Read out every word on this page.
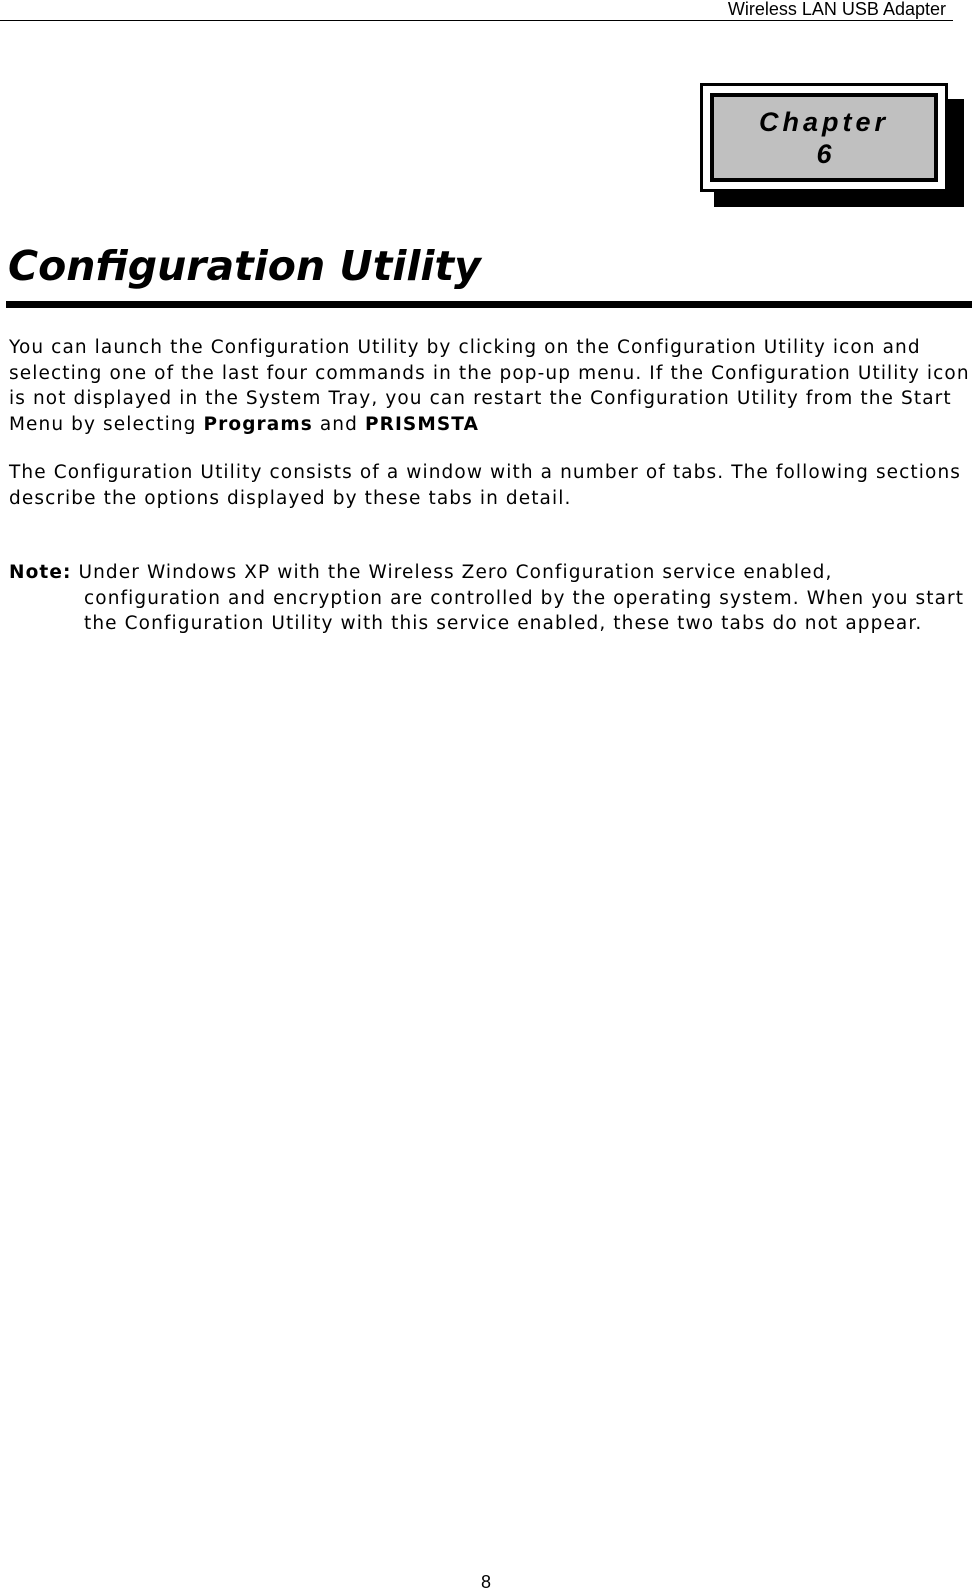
Wireless LAN USB Adapter
Chapter
6
Configuration Utility

You can launch the Configuration Utility by clicking on the Configuration Utility icon and selecting one of the last four commands in the pop-up menu. If the Configuration Utility icon is not displayed in the System Tray, you can restart the Configuration Utility from the Start Menu by selecting Programs and PRISMSTA

The Configuration Utility consists of a window with a number of tabs. The following sections describe the options displayed by these tabs in detail.

Note: Under Windows XP with the Wireless Zero Configuration service enabled,
configuration and encryption are controlled by the operating system. When you start the Configuration Utility with this service enabled, these two tabs do not appear.

8
